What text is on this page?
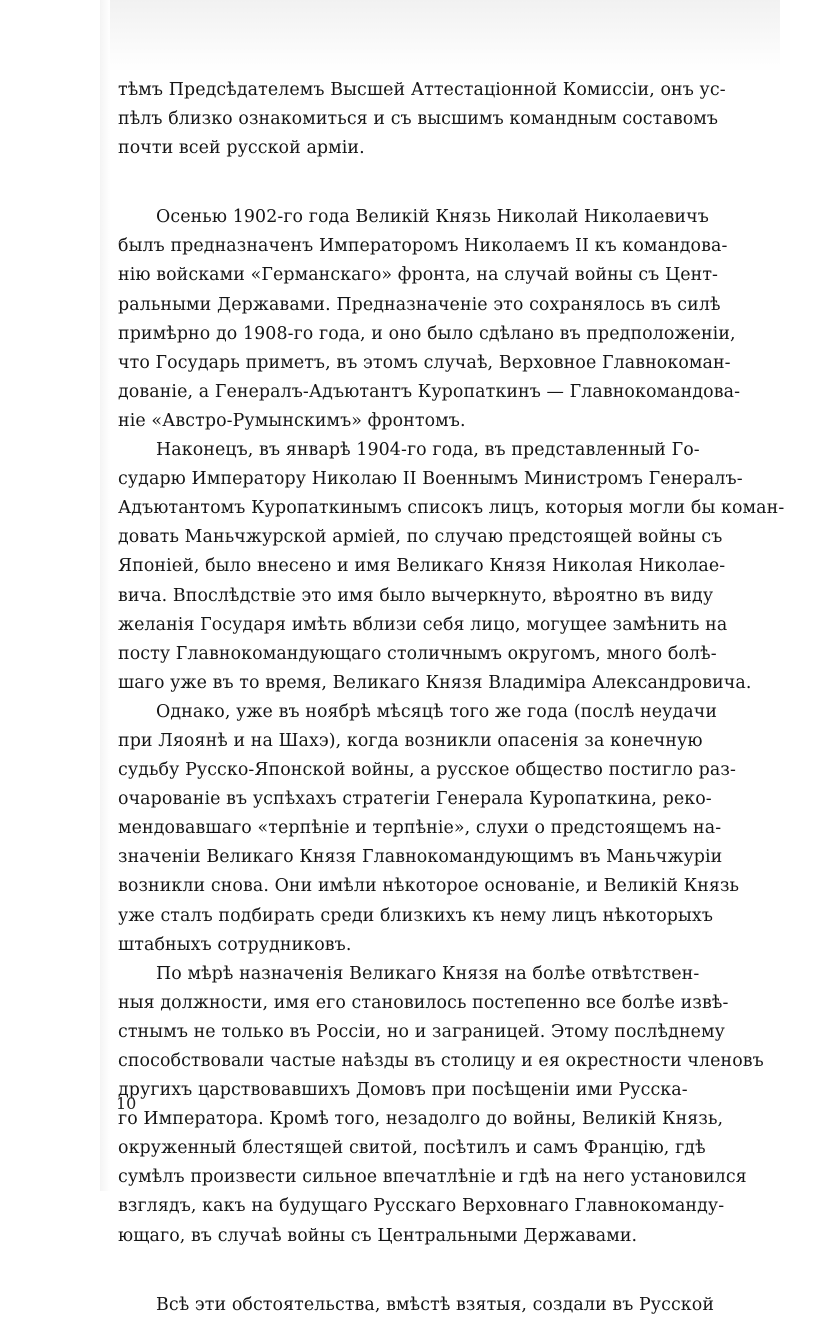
тѣмъ Предсѣдателемъ Высшей Аттестаціонной Комиссіи, онъ ус-
пѣлъ близко ознакомиться и съ высшимъ командным составомъ
почти всей русской арміи.
Осенью 1902-го года Великій Князь Николай Николаевичъ
былъ предназначенъ Императоромъ Николаемъ II къ командова-
нію войсками «Германскаго» фронта, на случай войны съ Цент-
ральными Державами. Предназначеніе это сохранялось въ силѣ
примѣрно до 1908-го года, и оно было сдѣлано въ предположеніи,
что Государь приметъ, въ этомъ случаѣ, Верховное Главнокоман-
дованіе, а Генералъ-Адъютантъ Куропаткинъ — Главнокомандова-
ніе «Австро-Румынскимъ» фронтомъ.
Наконецъ, въ январѣ 1904-го года, въ представленный Го-
сударю Императору Николаю II Военнымъ Министромъ Генералъ-
Адъютантомъ Куропаткинымъ списокъ лицъ, которыя могли бы коман-
довать Маньчжурской арміей, по случаю предстоящей войны съ
Японіей, было внесено и имя Великаго Князя Николая Николае-
вича. Впослѣдствіе это имя было вычеркнуто, вѣроятно въ виду
желанія Государя имѣть вблизи себя лицо, могущее замѣнить на
посту Главнокомандующаго столичнымъ округомъ, много болѣ-
шаго уже въ то время, Великаго Князя Владиміра Александровича.
Однако, уже въ ноябрѣ мѣсяцѣ того же года (послѣ неудачи
при Ляоянѣ и на Шахэ), когда возникли опасенія за конечную
судьбу Русско-Японской войны, а русское общество постигло раз-
очарованіе въ успѣхахъ стратегіи Генерала Куропаткина, реко-
мендовавшаго «терпѣніе и терпѣніе», слухи о предстоящемъ на-
значеніи Великаго Князя Главнокомандующимъ въ Маньчжуріи
возникли снова. Они имѣли нѣкоторое основаніе, и Великій Князь
уже сталъ подбирать среди близкихъ къ нему лицъ нѣкоторыхъ
штабныхъ сотрудниковъ.
По мѣрѣ назначенія Великаго Князя на болѣе отвѣтствен-
ныя должности, имя его становилось постепенно все болѣе извѣ-
стнымъ не только въ Россіи, но и заграницей. Этому послѣднему
способствовали частые наѣзды въ столицу и ея окрестности членовъ
другихъ царствовавшихъ Домовъ при посѣщеніи ими Русска-
го Императора. Кромѣ того, незадолго до войны, Великій Князь,
окруженный блестящей свитой, посѣтилъ и самъ Францію, гдѣ
сумѣлъ произвести сильное впечатлѣніе и гдѣ на него установился
взглядъ, какъ на будущаго Русскаго Верховнаго Главнокоманду-
ющаго, въ случаѣ войны съ Центральными Державами.
Всѣ эти обстоятельства, вмѣстѣ взятыя, создали въ Русской
10
